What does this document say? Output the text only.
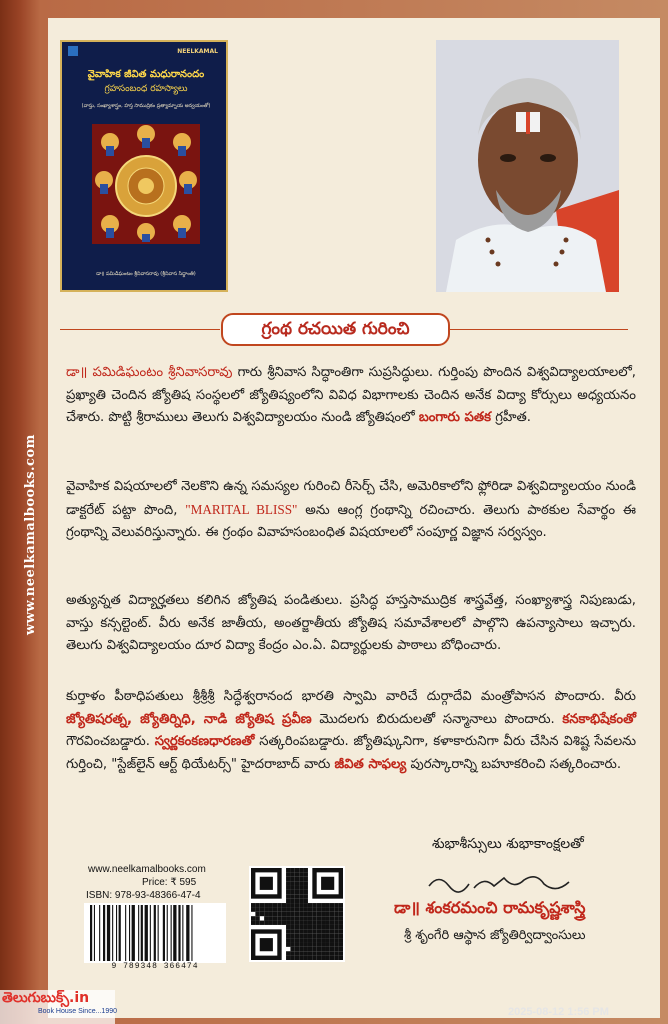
www.neelkamalbooks.com
NEELKAMAL
వైవాహిక జీవిత మధురానందం
గ్రహసంబంధ రహస్యాలు
(వాస్తు, సంఖ్యాశాస్త్రం, హస్త సాముద్రికం ప్రత్యామ్నాయ అన్వయంతో)
డా॥ పమిడిఘంటం శ్రీనివాసరావు (శ్రీనివాస సిద్ధాంతి)
గ్రంథ రచయిత గురించి
డా॥ పమిడిఘంటం శ్రీనివాసరావు గారు శ్రీనివాస సిద్ధాంతిగా సుప్రసిద్ధులు. గుర్తింపు పొందిన విశ్వవిద్యాలయాలలో, ప్రఖ్యాతి చెందిన జ్యోతిష సంస్థలలో జ్యోతిష్యంలోని వివిధ విభాగాలకు చెందిన అనేక విద్యా కోర్సులు అధ్యయనం చేశారు. పొట్టి శ్రీరాములు తెలుగు విశ్వవిద్యాలయం నుండి జ్యోతిషంలో బంగారు పతక గ్రహీత.
వైవాహిక విషయాలలో నెలకొని ఉన్న సమస్యల గురించి రీసెర్చ్ చేసి, అమెరికాలోని ఫ్లోరిడా విశ్వవిద్యాలయం నుండి డాక్టరేట్ పట్టా పొంది, "MARITAL BLISS" అను ఆంగ్ల గ్రంథాన్ని రచించారు. తెలుగు పాఠకుల సేవార్థం ఈ గ్రంథాన్ని వెలువరిస్తున్నారు. ఈ గ్రంథం వివాహసంబంధిత విషయాలలో సంపూర్ణ విజ్ఞాన సర్వస్వం.
అత్యున్నత విద్యార్హతలు కలిగిన జ్యోతిష పండితులు. ప్రసిద్ధ హస్తసాముద్రిక శాస్త్రవేత్త, సంఖ్యాశాస్త్ర నిపుణుడు, వాస్తు కన్సల్టెంట్. వీరు అనేక జాతీయ, అంతర్జాతీయ జ్యోతిష సమావేశాలలో పాల్గొని ఉపన్యాసాలు ఇచ్చారు. తెలుగు విశ్వవిద్యాలయం దూర విద్యా కేంద్రం ఎం.ఏ. విద్యార్థులకు పాఠాలు బోధించారు.
కుర్తాళం పీఠాధిపతులు శ్రీశ్రీశ్రీ సిద్ధేశ్వరానంద భారతి స్వామి వారిచే దుర్గాదేవి మంత్రోపాసన పొందారు. వీరు జ్యోతిషరత్న, జ్యోతిర్నిధి, నాడి జ్యోతిష ప్రవీణ మొదలగు బిరుదులతో సన్మానాలు పొందారు. కనకాభిషేకంతో గౌరవించబడ్డారు. స్వర్ణకంకణధారణతో సత్కరింపబడ్డారు. జ్యోతిష్కునిగా, కళాకారునిగా వీరు చేసిన విశిష్ట సేవలను గుర్తించి, "స్టేజ్‌లైన్ ఆర్ట్ థియేటర్స్" హైదరాబాద్ వారు జీవిత సాఫల్య పురస్కారాన్ని బహూకరించి సత్కరించారు.
శుభాశీస్సులు శుభాకాంక్షలతో
డా॥ శంకరమంచి రామకృష్ణశాస్త్రి
శ్రీ శృంగేరి ఆస్థాన జ్యోతిర్విద్వాంసులు
www.neelkamalbooks.com
Price: ₹ 595
ISBN: 978-93-48366-47-4
9 789348 366474
తెలుగుబుక్స్.in
Book House Since...1990	2025-08-12 1:56 PM
